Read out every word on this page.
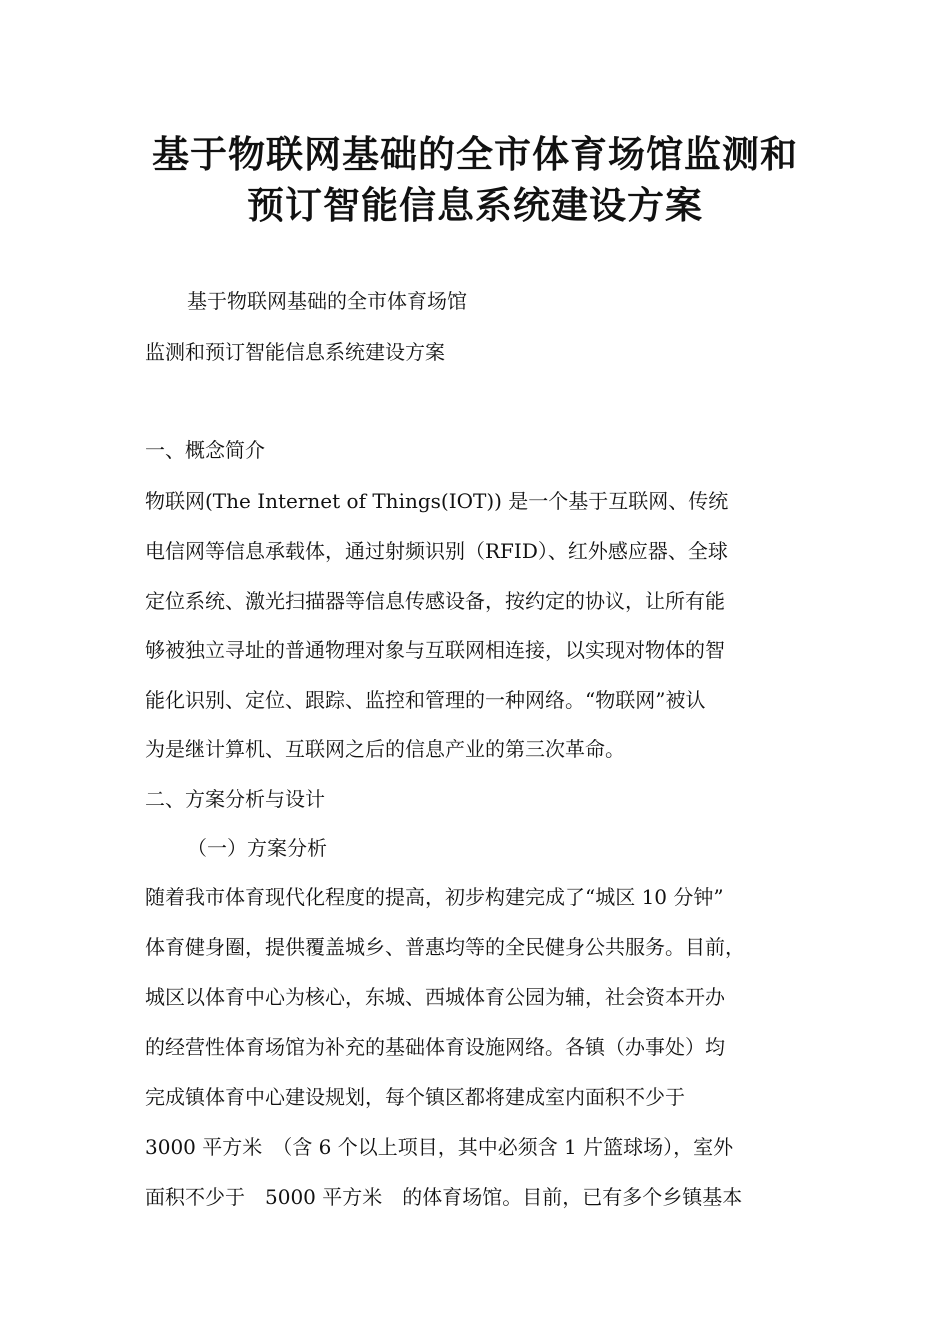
基于物联网基础的全市体育场馆监测和
预订智能信息系统建设方案
基于物联网基础的全市体育场馆
监测和预订智能信息系统建设方案
一、概念简介
物联网(The Internet of Things(IOT)) 是一个基于互联网、传统
电信网等信息承载体，通过射频识别（RFID）、红外感应器、全球
定位系统、激光扫描器等信息传感设备，按约定的协议，让所有能
够被独立寻址的普通物理对象与互联网相连接，以实现对物体的智
能化识别、定位、跟踪、监控和管理的一种网络。“物联网”被认
为是继计算机、互联网之后的信息产业的第三次革命。
二、方案分析与设计
（一）方案分析
随着我市体育现代化程度的提高，初步构建完成了“城区 10 分钟”
体育健身圈，提供覆盖城乡、普惠均等的全民健身公共服务。目前，
城区以体育中心为核心，东城、西城体育公园为辅，社会资本开办
的经营性体育场馆为补充的基础体育设施网络。各镇（办事处）均
完成镇体育中心建设规划，每个镇区都将建成室内面积不少于
3000 平方米　（含 6 个以上项目，其中必须含 1 片篮球场），室外
面积不少于　5000 平方米　的体育场馆。目前，已有多个乡镇基本
